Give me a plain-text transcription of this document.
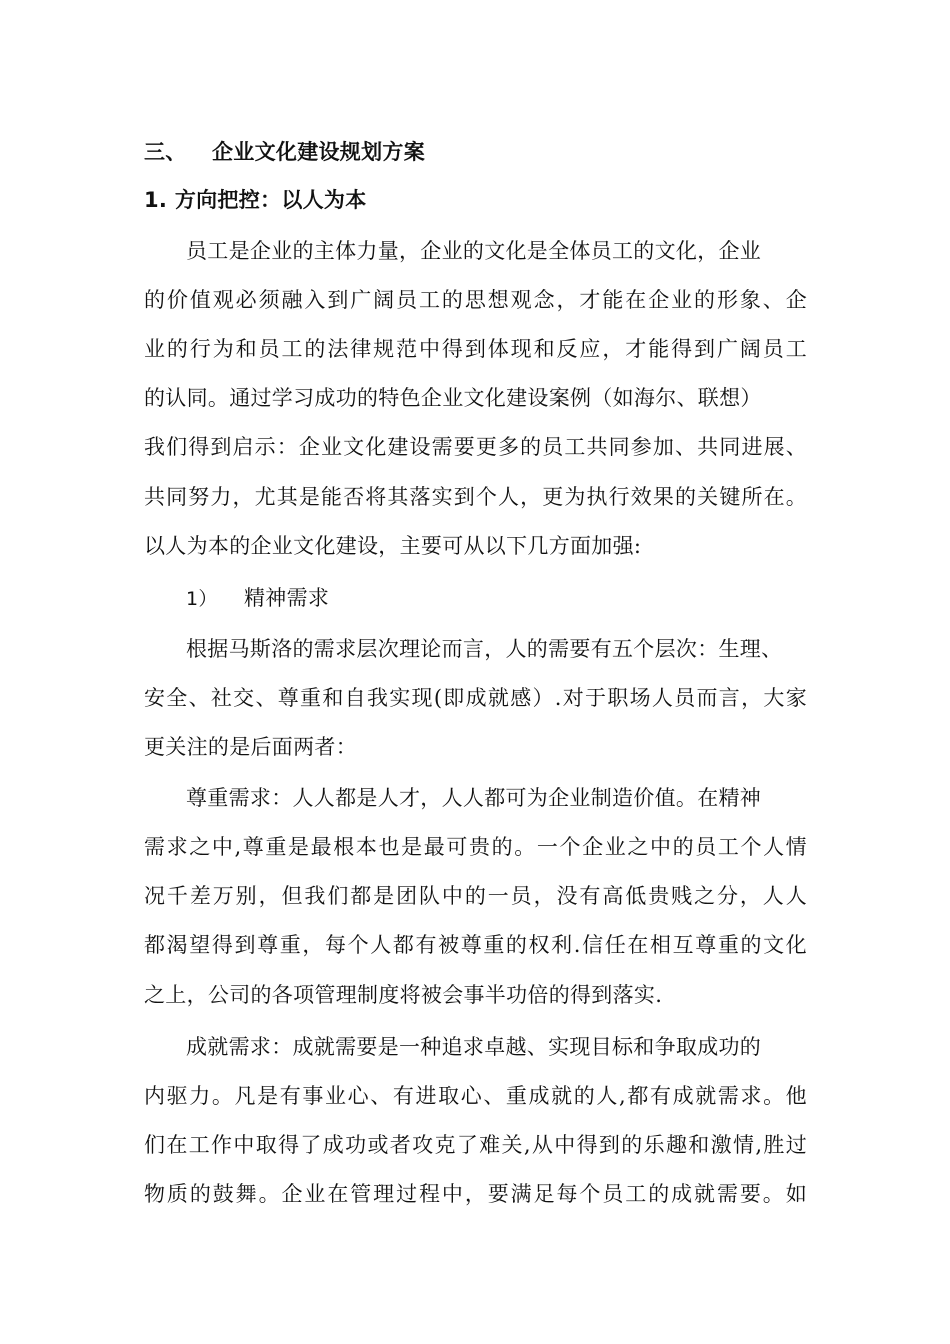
三、 企业文化建设规划方案
1. 方向把控：以人为本
员工是企业的主体力量，企业的文化是全体员工的文化，企业
的价值观必须融入到广阔员工的思想观念，才能在企业的形象、企
业的行为和员工的法律规范中得到体现和反应，才能得到广阔员工
的认同。通过学习成功的特色企业文化建设案例（如海尔、联想）
我们得到启示：企业文化建设需要更多的员工共同参加、共同进展、
共同努力，尤其是能否将其落实到个人，更为执行效果的关键所在。
以人为本的企业文化建设，主要可从以下几方面加强:
1） 精神需求
根据马斯洛的需求层次理论而言，人的需要有五个层次：生理、
安全、社交、尊重和自我实现(即成就感）.对于职场人员而言，大家
更关注的是后面两者：
尊重需求：人人都是人才，人人都可为企业制造价值。在精神
需求之中,尊重是最根本也是最可贵的。一个企业之中的员工个人情
况千差万别，但我们都是团队中的一员，没有高低贵贱之分，人人
都渴望得到尊重，每个人都有被尊重的权利.信任在相互尊重的文化
之上，公司的各项管理制度将被会事半功倍的得到落实.
成就需求：成就需要是一种追求卓越、实现目标和争取成功的
内驱力。凡是有事业心、有进取心、重成就的人,都有成就需求。他
们在工作中取得了成功或者攻克了难关,从中得到的乐趣和激情,胜过
物质的鼓舞。企业在管理过程中，要满足每个员工的成就需要。如
